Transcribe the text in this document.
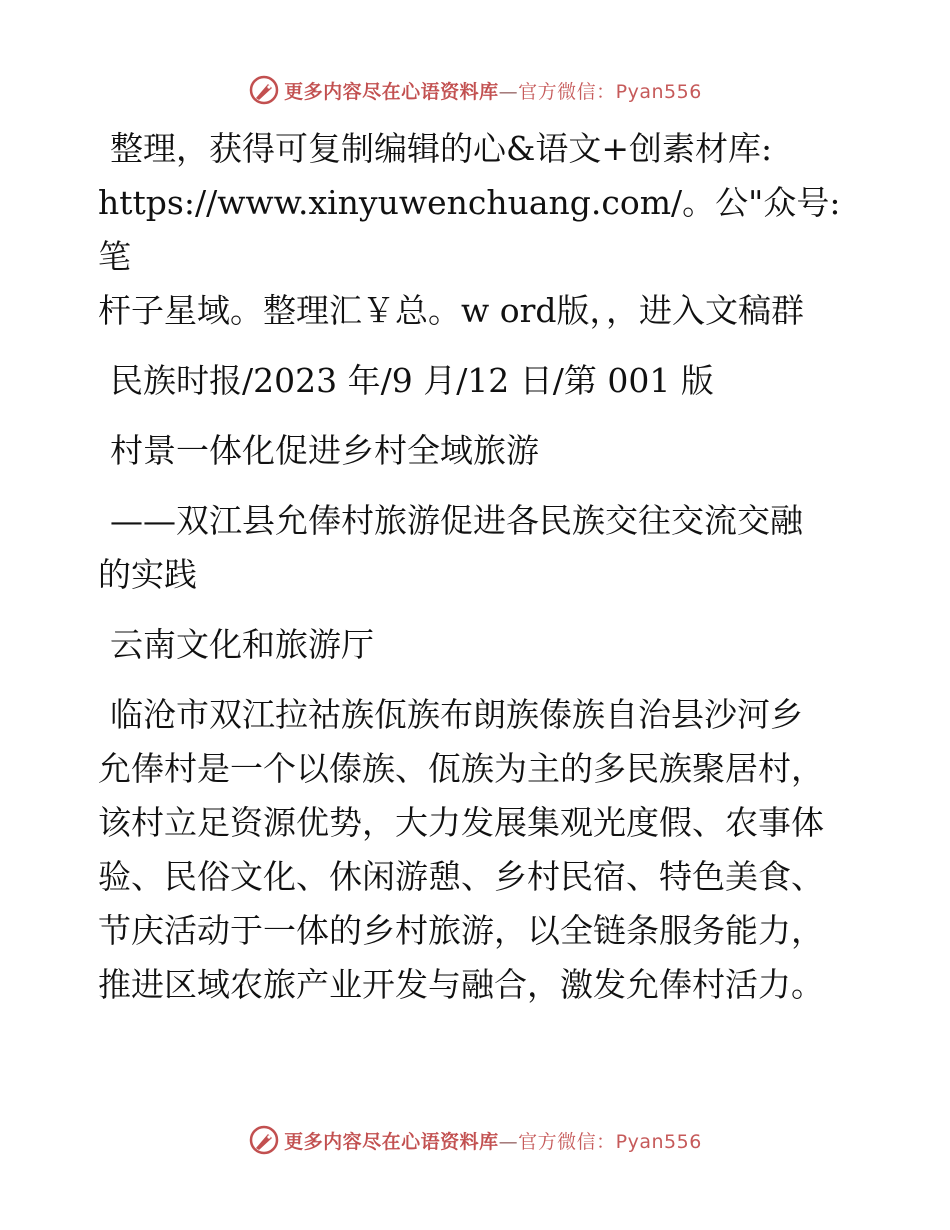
更多内容尽在心语资料库—官方微信：Pyan556

整理，获得可复制编辑的心&语文+创素材库:

https://www.xinyuwenchuang.com/。公"众号: 笔

杆子星域。整理汇￥总。w ord版，，进入文稿群

民族时报/2023 年/9 月/12 日/第 001 版

村景一体化促进乡村全域旅游

——双江县允俸村旅游促进各民族交往交流交融

的实践

云南文化和旅游厅

临沧市双江拉祜族佤族布朗族傣族自治县沙河乡

允俸村是一个以傣族、佤族为主的多民族聚居村，

该村立足资源优势，大力发展集观光度假、农事体

验、民俗文化、休闲游憩、乡村民宿、特色美食、

节庆活动于一体的乡村旅游，以全链条服务能力，

推进区域农旅产业开发与融合，激发允俸村活力。

更多内容尽在心语资料库—官方微信：Pyan556
